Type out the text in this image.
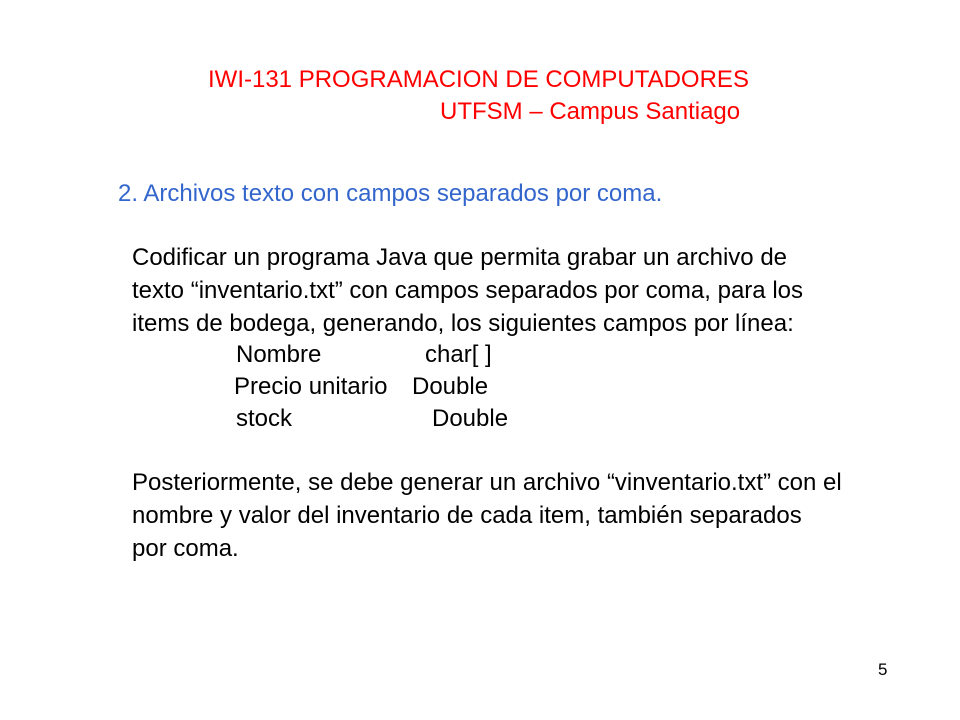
IWI-131 PROGRAMACION DE COMPUTADORES
UTFSM – Campus Santiago
2. Archivos texto con campos separados por coma.
Codificar un programa Java que permita grabar un archivo de
texto “inventario.txt” con campos separados por coma, para los
items de bodega, generando, los siguientes campos por línea:
Nombre	char[ ]
Precio unitario Double
stock	Double
Posteriormente, se debe generar un archivo “vinventario.txt” con el
nombre y valor del inventario de cada item, también separados
por coma.
5
